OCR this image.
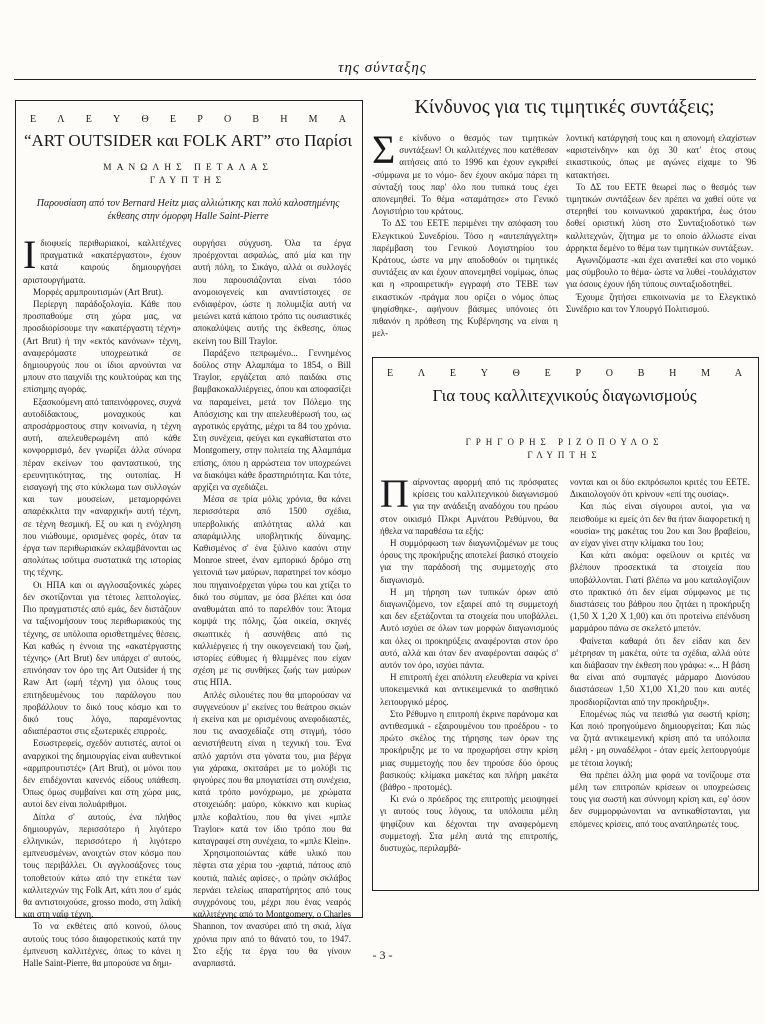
της σύνταξης
Ε Λ Ε Υ Θ Ε Ρ Ο Β Η Μ Α
“ART OUTSIDER και FOLK ART” στο Παρίσι
ΜΑΝΩΛΗΣ ΠΕΤΑΛΑΣ
ΓΛΥΠΤΗΣ
Παρουσίαση από τον Bernard Heitz μιας αλλιώτικης και πολύ καλοστημένης έκθεσης στην όμορφη Halle Saint-Pierre

Ιδιοφυείς περιθωριακοί, καλλιτέχνες πραγματικά «ακατέργαστοι», έχουν κατά καιρούς δημιουργήσει αριστουργήματα.

Μορφές αρμπρουτισμών (Art Brut).

Περίεργη παράδοξολογία. Κάθε που προσπαθούμε στη χώρα μας, να προσδιορίσουμε την «ακατέργαστη τέχνη» (Art Brut) ή την «εκτός κανόνων» τέχνη, αναφερόμαστε υποχρεωτικά σε δημιουργούς που οι ίδιοι αρνούνται να μπουν στο παιχνίδι της κουλτούρας και της επίσημης αγοράς.

Εξασκούμενη από ταπεινόφρονες, συχνά αυτοδίδακτους, μοναχικούς και απροσάρμοστους στην κοινωνία, η τέχνη αυτή, απελευθερωμένη από κάθε κονφορμισμό, δεν γνωρίζει άλλα σύνορα πέραν εκείνων του φανταστικού, της ερευνητικότητας, της ουτοπίας. Η εισαγωγή της στο κύκλωμα των συλλογών και των μουσείων, μεταμορφώνει απαρέκκλιτα την «αναρχική» αυτή τέχνη, σε τέχνη θεσμική. Εξ ου και η ενόχληση που νιώθουμε, ορισμένες φορές, όταν τα έργα των περιθωριακών εκλαμβάνονται ως απολύτως ισότιμα συστατικά της ιστορίας της τέχνης.

Οι ΗΠΑ και οι αγγλοσαξονικές χώρες δεν σκοτίζονται για τέτοιες λεπτολογίες. Πιο πραγματιστές από εμάς, δεν διστάζουν να ταξινομήσουν τους περιθωριακούς της τέχνης, σε υπόλοιπα ορισθετημένες θέσεις. Και καθώς η έννοια της «ακατέργαστης τέχνης» (Art Brut) δεν υπάρχει σ' αυτούς, επινόησαν τον όρο της Art Outsider ή της Raw Art (ωμή τέχνη) για όλους τους επιτηδευμένους του παράλογου που προβάλλουν το δικό τους κόσμο και το δικό τους λόγο, παραμένοντας αδιαπέραστοι στις εξωτερικές επιρροές.

Εσωστρεφείς, σχεδόν αυτιστές, αυτοί οι αναρχικοί της δημιουργίας είναι αυθεντικοί «αρμπρουτιστές» (Art Brut), οι μόνοι που δεν επιδέχονται κανενός είδους υπάθεση. Όπως όμως συμβαίνει και στη χώρα μας, αυτοί δεν είναι πολυάριθμοι.

Δίπλα σ' αυτούς, ένα πλήθος δημιουργών, περισσότερο ή λιγότερο ελληνικών, περισσότερο ή λιγότερο εμπνευσμένων, ανοιχτών στον κόσμο που τους περιβάλλει. Οι αγγλοσάξονες τους τοποθετούν κάτω από την ετικέτα των καλλιτεχνών της Folk Art, κάτι που σ' εμάς θα αντιστοιχούσε, grosso modo, στη λαϊκή και στη ναΐφ τέχνη.

Το να εκθέτεις από κοινού, όλους αυτούς τους τόσο διαφορετικούς κατά την έμπνευση καλλιτέχνες, όπως το κάνει η Halle Saint-Pierre, θα μπορούσε να δημι-

ουργήσει σύγχυση. Όλα τα έργα προέρχονται ασφαλώς, από μία και την αυτή πόλη, το Σικάγο, αλλά οι συλλογές που παρουσιάζονται είναι τόσο ανομοιογενείς και αναντίστοιχες σε ενδιαφέρον, ώστε η πολυμιξία αυτή να μειώνει κατά κάποιο τρόπο τις ουσιαστικές αποκαλύψεις αυτής της έκθεσης, όπως εκείνη του Bill Traylor.

Παράξενο πεπρωμένο... Γεννημένος δούλος στην Αλαμπάμα το 1854, ο Bill Traylor, εργάζεται από παιδάκι στις βαμβακοκαλλιέργειες, όπου και αποφασίζει να παραμείνει, μετά τον Πόλεμο της Απόσχισης και την απελευθέρωσή του, ως αγροτικός εργάτης, μέχρι τα 84 του χρόνια. Στη συνέχεια, φεύγει και εγκαθίσταται στο Montgomery, στην πολιτεία της Αλαμπάμα επίσης, όπου η αρρώστεια τον υποχρεώνει να διακόψει κάθε δραστηριότητα. Και τότε, αρχίζει να σχεδιάζει.

Μέσα σε τρία μόλις χρόνια, θα κάνει περισσότερα από 1500 σχέδια, υπερβολικής απλότητας αλλά και απαράμιλλης υποβλητικής δύναμης. Καθισμένος σ' ένα ξύλινο κασόνι στην Monroe street, έναν εμπορικό δρόμο στη γειτονιά των μαύρων, παρατηρεί τον κόσμο που πηγαινοέρχεται γύρω του και χτίζει το δικό του σύμπαν, με όσα βλέπει και όσα αναθυμάται από το παρελθόν του: Άτομα κομψά της πόλης, ζώα οικεία, σκηνές σκωπτικές ή ασυνήθεις από τις καλλιέργειες ή την οικογενειακή του ζωή, ιστορίες εύθυμες ή θλιμμένες που είχαν σχέση με τις συνθήκες ζωής των μαύρων στις ΗΠΑ.

Απλές σιλουέτες που θα μπορούσαν να συγγενεύουν μ' εκείνες του θεάτρου σκιών ή εκείνα και με ορισμένους ανεφοδιαστές, που τις ανασχεδίαζε στη στιγμή, τόσο αενιστήθευτη είναι η τεχνική του. Ένα απλό χαρτόνι στα γόνατα του, μια βέργα για χάρακα, σκιτσάρει με το μολύβι τις φιγούρες που θα μπογιατίσει στη συνέχεια, κατά τρόπο μονόχρωμο, με χρώματα στοιχειώδη: μαύρο, κόκκινο και κυρίως μπλε κοβαλτίου, που θα γίνει «μπλε Traylor» κατά τον ίδιο τρόπο που θα καταγραφεί στη συνέχεια, το «μπλε Klein».

Χρησιμοποιώντας κάθε υλικό που πέφτει στα χέρια του -χαρτιά, πάτους από κουτιά, παλιές αφίσες-, ο πρώην σκλάβος περνάει τελείως απαρατήρητος από τους συγχρόνους του, μέχρι που ένας νεαρός καλλιτέχνης από το Montgomery, ο Charles Shannon, τον ανασύρει από τη σκιά, λίγα χρόνια πριν από το θάνατό του, το 1947. Στο εξής τα έργα του θα γίνουν αναρπαστά.

Κίνδυνος για τις τιμητικές συντάξεις;

Σε κίνδυνο ο θεσμός των τιμητικών συντάξεων! Οι καλλιτέχνες που κατέθεσαν αιτήσεις από το 1996 και έχουν εγκριθεί -σύμφωνα με το νόμο- δεν έχουν ακόμα πάρει τη σύνταξή τους παρ' όλο που τυπικά τους έχει απονεμηθεί. Το θέμα «σταμάτησε» στο Γενικό Λογιστήριο του κράτους.

Το ΔΣ του ΕΕΤΕ περιμένει την απόφαση του Ελεγκτικού Συνεδρίου. Τόσο η «αυτεπάγγελτη» παρέμβαση του Γενικού Λογιστηρίου του Κράτους, ώστε να μην αποδοθούν οι τιμητικές συντάξεις αν και έχουν απονεμηθεί νομίμως, όπως και η «προαιρετική» εγγραφή στο ΤΕΒΕ των εικαστικών -πράγμα που ορίζει ο νόμος όπως ψηφίσθηκε-, αφήνουν βάσιμες υπόνοιες ότι πιθανόν η πρόθεση της Κυβέρνησης να είναι η μελ-

λοντική κατάργησή τους και η απονομή ελαχίστων «αριστείνδην» και όχι 30 κατ' έτος στους εικαστικούς, όπως με αγώνες είχαμε το '96 κατακτήσει.

Το ΔΣ του ΕΕΤΕ θεωρεί πως ο θεσμός των τιμητικών συντάξεων δεν πρέπει να χαθεί ούτε να στερηθεί του κοινωνικού χαρακτήρα, έως ότου δοθεί οριστική λύση στο Συνταξιοδοτικό των καλλιτεχνών, ζήτημα με το οποίο άλλωστε είναι άρρηκτα δεμένο το θέμα των τιμητικών συντάξεων.

Αγωνιζόμαστε -και έχει ανατεθεί και στο νομικό μας σύμβουλο το θέμα- ώστε να λυθεί -τουλάχιστον για όσους έχουν ήδη τύπους συνταξιοδοτηθεί.

Έχουμε ζητήσει επικοινωνία με το Ελεγκτικό Συνέδριο και τον Υπουργό Πολιτισμού.

Ε Λ Ε Υ Θ Ε Ρ Ο Β Η Μ Α
Για τους καλλιτεχνικούς διαγωνισμούς
ΓΡΗΓΟΡΗΣ ΡΙΖΟΠΟΥΛΟΣ
ΓΛΥΠΤΗΣ

Παίρνοντας αφορμή από τις πρόσφατες κρίσεις του καλλιτεχνικού διαγωνισμού για την ανάδειξη αναδόχου του ηρώου στον οικισμό Πλκρι Αμνάτου Ρεθύμνου, θα ήθελα να παραθέσω τα εξής:

Η συμμόρφωση των διαγωνιζομένων με τους όρους της προκήρυξης αποτελεί βασικό στοιχείο για την παράδοσή της συμμετοχής στο διαγωνισμό.

Η μη τήρηση των τυπικών όρων από διαγωνιζόμενο, τον εξαιρεί από τη συμμετοχή και δεν εξετάζονται τα στοιχεία που υποβάλλει. Αυτό ισχύει σε όλων των μορφών διαγωνισμούς και όλες οι προκηρύξεις αναφέρονται στον όρο αυτό, αλλά και όταν δεν αναφέρονται σαφώς σ' αυτόν τον όρο, ισχύει πάντα.

Η επιτροπή έχει απόλυτη ελευθερία να κρίνει υποκειμενικά και αντικειμενικά το αισθητικό λειτουργικό μέρος.

Στο Ρέθυμνο η επιτροπή έκρινε παράνομα και αντιθεσμικά - εξαιρουμένου του προέδρου - το πρώτο σκέλος της τήρησης των όρων της προκήρυξης με το να προχωρήσει στην κρίση μιας συμμετοχής που δεν τηρούσε δύο όρους βασικούς: κλίμακα μακέτας και πλήρη μακέτα (βάθρο - προτομές).

Κι ενώ ο πρόεδρος της επιτροπής μειοψηφεί γι αυτούς τους λόγους, τα υπόλοιπα μέλη ψηφίζουν και δέχονται την αναφερόμενη συμμετοχή. Στα μέλη αυτά της επιτροπής, δυστυχώς, περιλαμβά-

νονται και οι δύο εκπρόσωποι κριτές του ΕΕΤΕ. Δικαιολογούν ότι κρίνουν «επί της ουσίας».

Και πώς είναι σίγουροι αυτοί, για να πεισθούμε κι εμείς ότι δεν θα ήταν διαφορετική η «ουσία» της μακέτας του 2ου και 3ου βραβείου, αν είχαν γίνει στην κλίμακα του 1ου;

Και κάτι ακόμα: οφείλουν οι κριτές να βλέπουν προσεκτικά τα στοιχεία που υποβάλλονται. Γιατί βλέπω να μου καταλογίζουν στο πρακτικό ότι δεν είμαι σύμφωνος με τις διαστάσεις του βάθρου που ζητάει η προκήρυξη (1,50 Χ 1,20 Χ 1,00) και ότι προτείνω επένδυση μαρμάρου πάνω σε σκελετό μπετόν.

Φαίνεται καθαρά ότι δεν είδαν και δεν μέτρησαν τη μακέτα, ούτε τα σχέδια, αλλά ούτε και διάβασαν την έκθεση που γράφω: «... Η βάση θα είναι από συμπαγές μάρμαρο Διονύσου διαστάσεων 1,50 Χ1,00 Χ1,20 που και αυτές προσδιορίζονται από την προκήρυξη».

Επομένως πώς να πεισθώ για σωστή κρίση; Και ποιό προηγούμενο δημιουργείται; Και πώς να ζητά αντικειμενική κρίση από τα υπόλοιπα μέλη - μη συναδέλφοι - όταν εμείς λειτουργούμε με τέτοια λογική;

Θα πρέπει άλλη μια φορά να τονίζουμε στα μέλη των επιτροπών κρίσεων οι υποχρεώσεις τους για σωστή και σύννομη κρίση και, εφ' όσον δεν συμμορφώνονται να αντικαθίστανται, για επόμενες κρίσεις, από τους αναπληρωτές τους.

- 3 -
